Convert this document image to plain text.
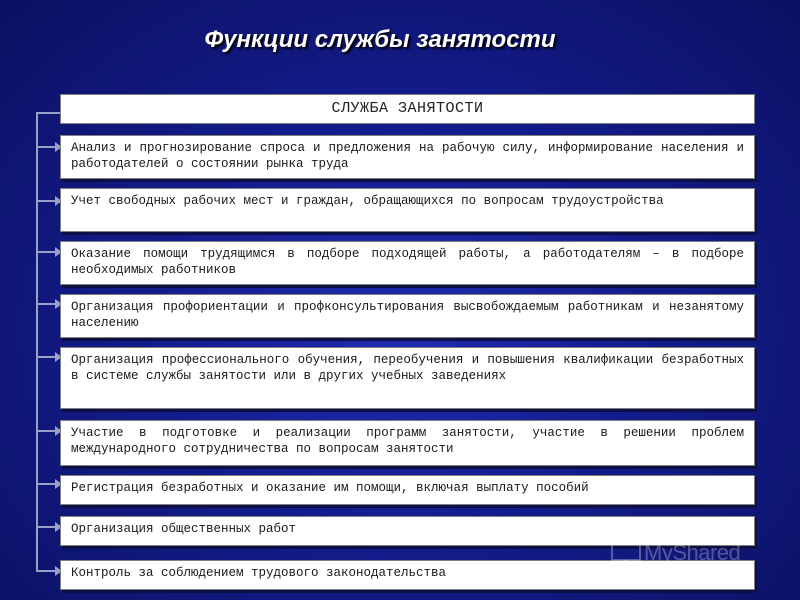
Функции службы занятости
СЛУЖБА ЗАНЯТОСТИ
Анализ и прогнозирование спроса и предложения на рабочую силу, информирование населения и работодателей о состоянии рынка труда
Учет свободных рабочих мест и граждан, обращающихся по вопросам трудоустройства
Оказание помощи трудящимся в подборе подходящей работы, а работодателям – в подборе необходимых работников
Организация профориентации и профконсультирования высвобождаемым работникам и незанятому населению
Организация профессионального обучения, переобучения и повышения квалификации безработных в системе службы занятости или в других учебных заведениях
Участие в подготовке и реализации программ занятости, участие в решении проблем международного сотрудничества по вопросам занятости
Регистрация безработных и оказание им помощи, включая выплату пособий
Организация общественных работ
Контроль за соблюдением трудового законодательства
MyShared
